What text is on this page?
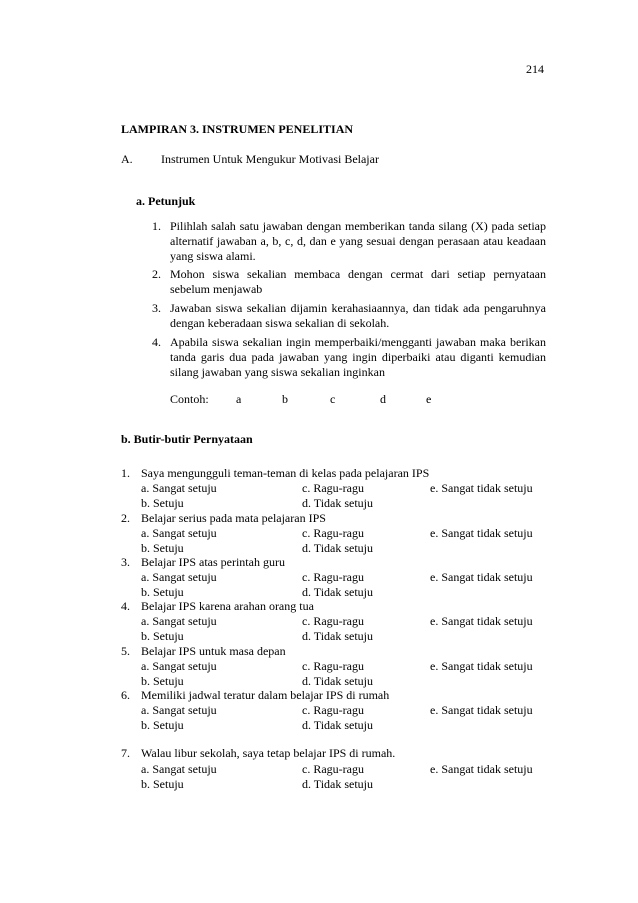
214
LAMPIRAN 3. INSTRUMEN PENELITIAN
A. Instrumen Untuk Mengukur Motivasi Belajar
a. Petunjuk
1. Pilihlah salah satu jawaban dengan memberikan tanda silang (X) pada setiap alternatif jawaban a, b, c, d, dan e yang sesuai dengan perasaan atau keadaan yang siswa alami.
2. Mohon siswa sekalian membaca dengan cermat dari setiap pernyataan sebelum menjawab
3. Jawaban siswa sekalian dijamin kerahasiaannya, dan tidak ada pengaruhnya dengan keberadaan siswa sekalian di sekolah.
4. Apabila siswa sekalian ingin memperbaiki/mengganti jawaban maka berikan tanda garis dua pada jawaban yang ingin diperbaiki atau diganti kemudian silang jawaban yang siswa sekalian inginkan
Contoh: a	b	c	d	e
b. Butir-butir Pernyataan
1. Saya mengungguli teman-teman di kelas pada pelajaran IPS
a. Sangat setuju	c. Ragu-ragu	e. Sangat tidak setuju
b. Setuju	d. Tidak setuju
2. Belajar serius pada mata pelajaran IPS
a. Sangat setuju	c. Ragu-ragu	e. Sangat tidak setuju
b. Setuju	d. Tidak setuju
3. Belajar IPS atas perintah guru
a. Sangat setuju	c. Ragu-ragu	e. Sangat tidak setuju
b. Setuju	d. Tidak setuju
4. Belajar IPS karena arahan orang tua
a. Sangat setuju	c. Ragu-ragu	e. Sangat tidak setuju
b. Setuju	d. Tidak setuju
5. Belajar IPS untuk masa depan
a. Sangat setuju	c. Ragu-ragu	e. Sangat tidak setuju
b. Setuju	d. Tidak setuju
6. Memiliki jadwal teratur dalam belajar IPS di rumah
a. Sangat setuju	c. Ragu-ragu	e. Sangat tidak setuju
b. Setuju	d. Tidak setuju
7. Walau libur sekolah, saya tetap belajar IPS di rumah.
a. Sangat setuju	c. Ragu-ragu	e. Sangat tidak setuju
b. Setuju	d. Tidak setuju
